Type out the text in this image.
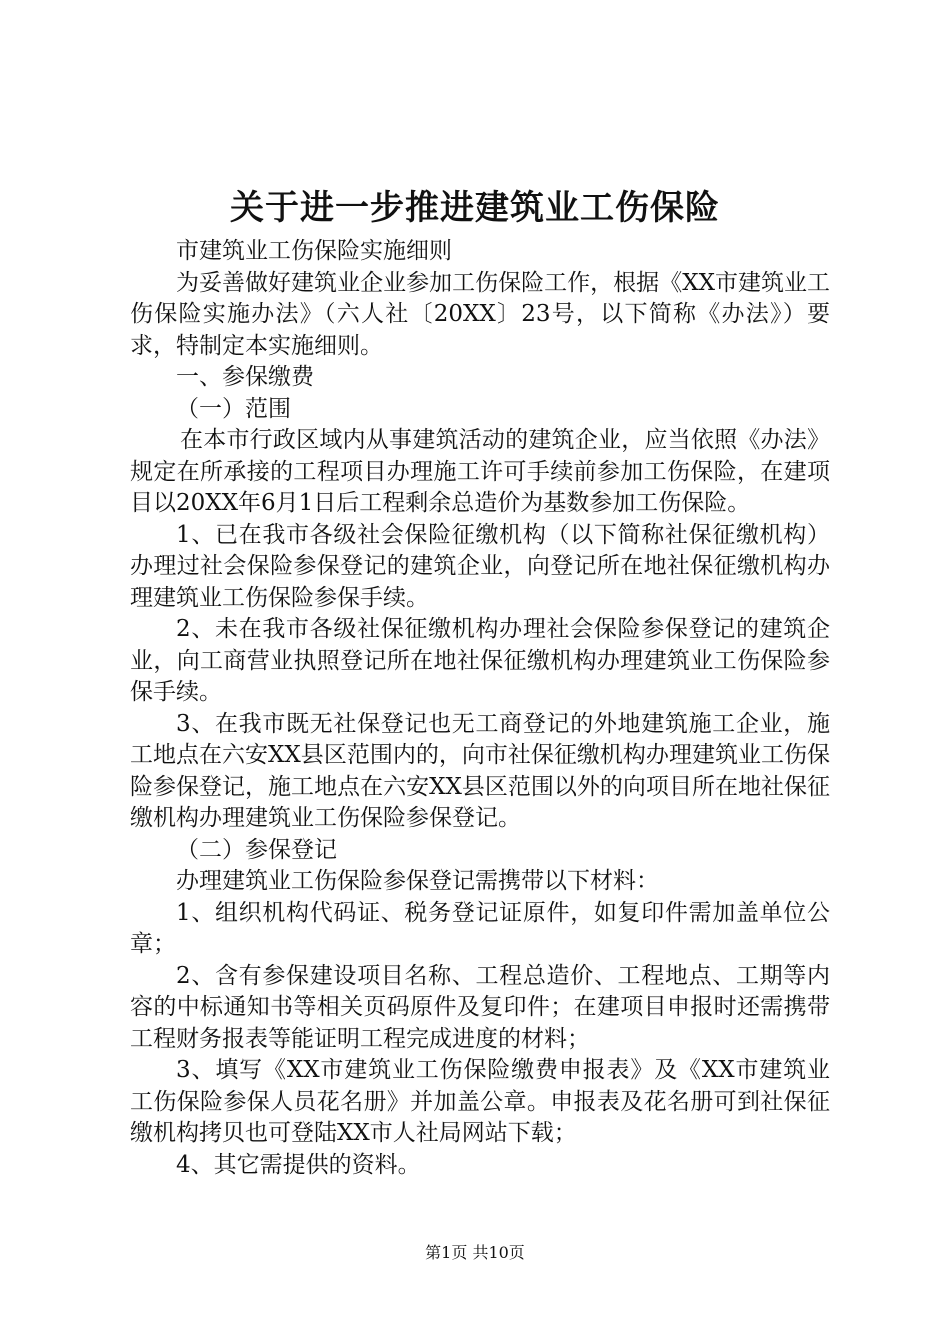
关于进一步推进建筑业工伤保险

市建筑业工伤保险实施细则

为妥善做好建筑业企业参加工伤保险工作，根据《XX市建筑业工伤保险实施办法》（六人社〔20XX〕23号，以下简称《办法》）要求，特制定本实施细则。

一、参保缴费

（一）范围

在本市行政区域内从事建筑活动的建筑企业，应当依照《办法》规定在所承接的工程项目办理施工许可手续前参加工伤保险，在建项目以20XX年6月1日后工程剩余总造价为基数参加工伤保险。

1、已在我市各级社会保险征缴机构（以下简称社保征缴机构）办理过社会保险参保登记的建筑企业，向登记所在地社保征缴机构办理建筑业工伤保险参保手续。

2、未在我市各级社保征缴机构办理社会保险参保登记的建筑企业，向工商营业执照登记所在地社保征缴机构办理建筑业工伤保险参保手续。

3、在我市既无社保登记也无工商登记的外地建筑施工企业，施工地点在六安XX县区范围内的，向市社保征缴机构办理建筑业工伤保险参保登记，施工地点在六安XX县区范围以外的向项目所在地社保征缴机构办理建筑业工伤保险参保登记。

（二）参保登记

办理建筑业工伤保险参保登记需携带以下材料：

1、组织机构代码证、税务登记证原件，如复印件需加盖单位公章；

2、含有参保建设项目名称、工程总造价、工程地点、工期等内容的中标通知书等相关页码原件及复印件；在建项目申报时还需携带工程财务报表等能证明工程完成进度的材料；

3、填写《XX市建筑业工伤保险缴费申报表》及《XX市建筑业工伤保险参保人员花名册》并加盖公章。申报表及花名册可到社保征缴机构拷贝也可登陆XX市人社局网站下载；

4、其它需提供的资料。

第1页 共10页
